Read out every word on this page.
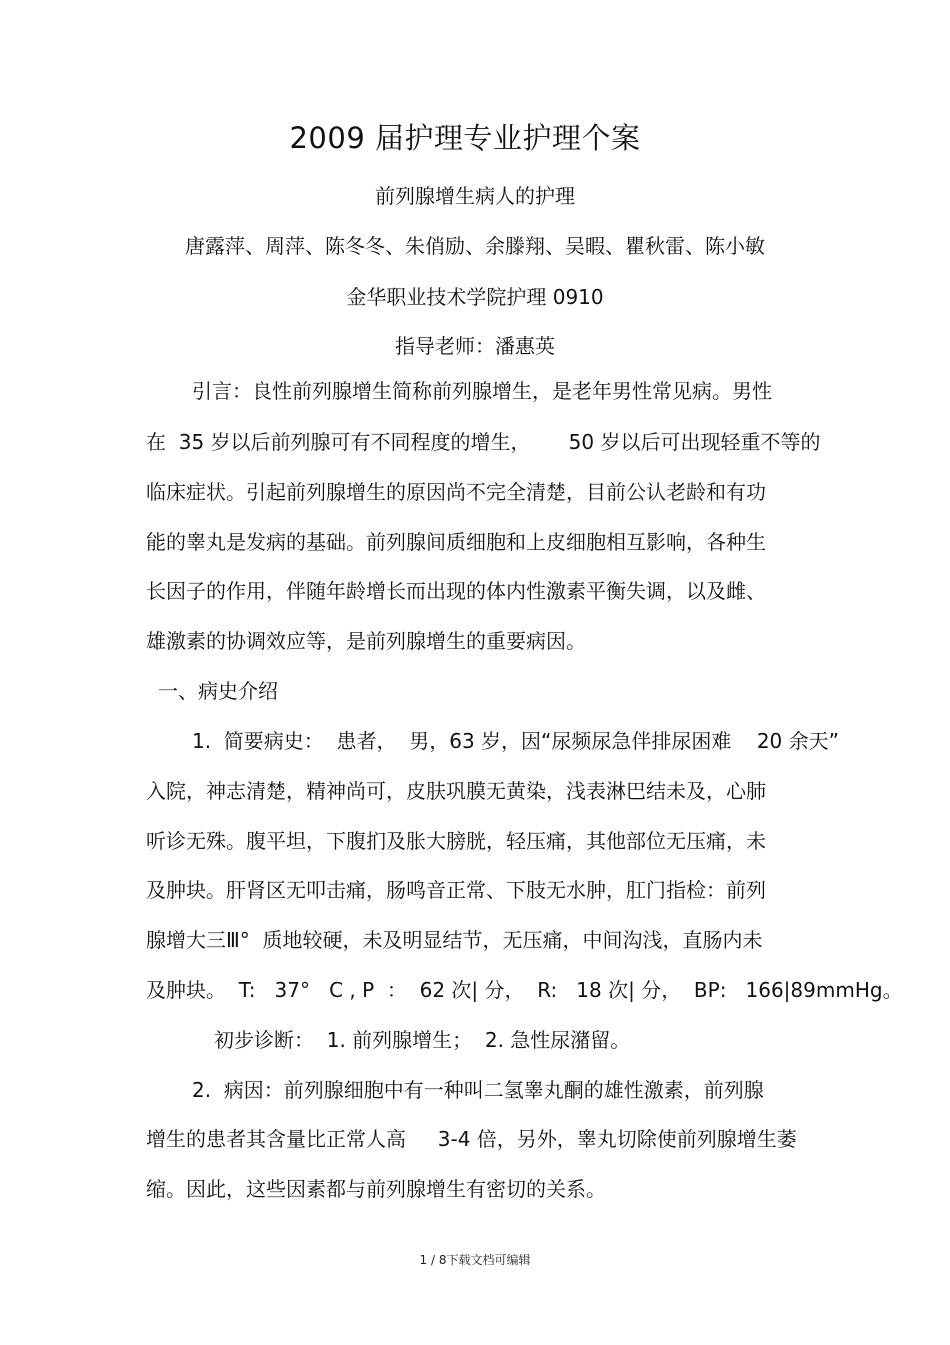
2009 届护理专业护理个案
前列腺增生病人的护理
唐露萍、周萍、陈冬冬、朱俏励、余滕翔、吴暇、瞿秋雷、陈小敏
金华职业技术学院护理 0910
指导老师：潘惠英
引言：良性前列腺增生简称前列腺增生，是老年男性常见病。男性
在  35 岁以后前列腺可有不同程度的增生，      50 岁以后可出现轻重不等的
临床症状。引起前列腺增生的原因尚不完全清楚，目前公认老龄和有功
能的睾丸是发病的基础。前列腺间质细胞和上皮细胞相互影响，各种生
长因子的作用，伴随年龄增长而出现的体内性激素平衡失调，以及雌、
雄激素的协调效应等，是前列腺增生的重要病因。
一、病史介绍
1.  简要病史：  患者，  男，63 岁，因“尿频尿急伴排尿困难    20 余天”
入院，神志清楚，精神尚可，皮肤巩膜无黄染，浅表淋巴结未及，心肺
听诊无殊。腹平坦，下腹扪及胀大膀胱，轻压痛，其他部位无压痛，未
及肿块。肝肾区无叩击痛，肠鸣音正常、下肢无水肿，肛门指检：前列
腺增大三Ⅲ°  质地较硬，未及明显结节，无压痛，中间沟浅，直肠内未
及肿块。  T:   37°   C , P  ：  62 次| 分，  R:   18 次| 分，  BP:   166|89mmHg。
初步诊断：  1. 前列腺增生；  2. 急性尿潴留。
2.  病因：前列腺细胞中有一种叫二氢睾丸酮的雄性激素，前列腺
增生的患者其含量比正常人高     3-4 倍，另外，睾丸切除使前列腺增生萎
缩。因此，这些因素都与前列腺增生有密切的关系。
1 / 8下载文档可编辑
